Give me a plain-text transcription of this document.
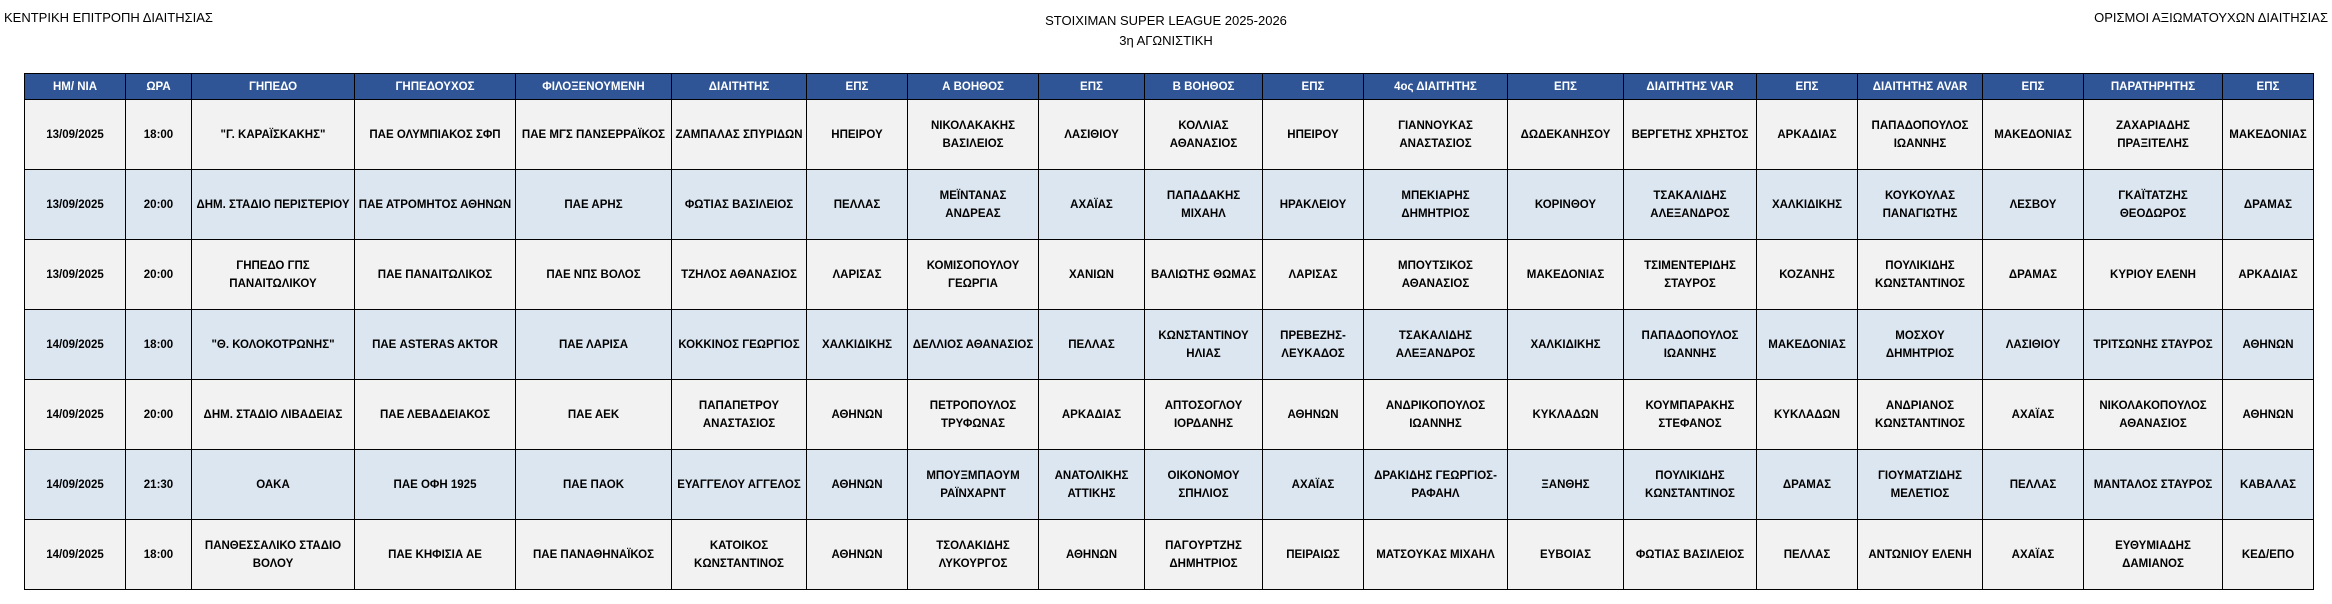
ΚΕΝΤΡΙΚΗ ΕΠΙΤΡΟΠΗ ΔΙΑΙΤΗΣΙΑΣ	STOIXIMAN SUPER LEAGUE 2025-2026
3η ΑΓΩΝΙΣΤΙΚΗ
ΟΡΙΣΜΟΙ ΑΞΙΩΜΑΤΟΥΧΩΝ ΔΙΑΙΤΗΣΙΑΣ
ΗΜ/ ΝΙΑ	ΩΡΑ	ΓΗΠΕΔΟ	ΓΗΠΕΔΟΥΧΟΣ	ΦΙΛΟΞΕΝΟΥΜΕΝΗ	ΔΙΑΙΤΗΤΗΣ	ΕΠΣ	Α ΒΟΗΘΟΣ	ΕΠΣ	Β ΒΟΗΘΟΣ	ΕΠΣ	4ος ΔΙΑΙΤΗΤΗΣ	ΕΠΣ	ΔΙΑΙΤΗΤΗΣ VAR	ΕΠΣ	ΔΙΑΙΤΗΤΗΣ AVAR	ΕΠΣ	ΠΑΡΑΤΗΡΗΤΗΣ	ΕΠΣ
13/09/2025	18:00	"Γ. ΚΑΡΑΪΣΚΑΚΗΣ"	ΠΑΕ ΟΛΥΜΠΙΑΚΟΣ ΣΦΠ	ΠΑΕ ΜΓΣ ΠΑΝΣΕΡΡΑΪΚΟΣ	ΖΑΜΠΑΛΑΣ ΣΠΥΡΙΔΩΝ	ΗΠΕΙΡΟΥ	ΝΙΚΟΛΑΚΑΚΗΣ ΒΑΣΙΛΕΙΟΣ	ΛΑΣΙΘΙΟΥ	ΚΟΛΛΙΑΣ ΑΘΑΝΑΣΙΟΣ	ΗΠΕΙΡΟΥ	ΓΙΑΝΝΟΥΚΑΣ ΑΝΑΣΤΑΣΙΟΣ	ΔΩΔΕΚΑΝΗΣΟΥ	ΒΕΡΓΕΤΗΣ ΧΡΗΣΤΟΣ	ΑΡΚΑΔΙΑΣ	ΠΑΠΑΔΟΠΟΥΛΟΣ ΙΩΑΝΝΗΣ	ΜΑΚΕΔΟΝΙΑΣ	ΖΑΧΑΡΙΑΔΗΣ ΠΡΑΞΙΤΕΛΗΣ	ΜΑΚΕΔΟΝΙΑΣ
13/09/2025	20:00	ΔΗΜ. ΣΤΑΔΙΟ ΠΕΡΙΣΤΕΡΙΟΥ	ΠΑΕ ΑΤΡΟΜΗΤΟΣ ΑΘΗΝΩΝ	ΠΑΕ ΑΡΗΣ	ΦΩΤΙΑΣ ΒΑΣΙΛΕΙΟΣ	ΠΕΛΛΑΣ	ΜΕΪΝΤΑΝΑΣ ΑΝΔΡΕΑΣ	ΑΧΑΪΑΣ	ΠΑΠΑΔΑΚΗΣ ΜΙΧΑΗΛ	ΗΡΑΚΛΕΙΟΥ	ΜΠΕΚΙΑΡΗΣ ΔΗΜΗΤΡΙΟΣ	ΚΟΡΙΝΘΟΥ	ΤΣΑΚΑΛΙΔΗΣ ΑΛΕΞΑΝΔΡΟΣ	ΧΑΛΚΙΔΙΚΗΣ	ΚΟΥΚΟΥΛΑΣ ΠΑΝΑΓΙΩΤΗΣ	ΛΕΣΒΟΥ	ΓΚΑΪΤΑΤΖΗΣ ΘΕΟΔΩΡΟΣ	ΔΡΑΜΑΣ
13/09/2025	20:00	ΓΗΠΕΔΟ ΓΠΣ ΠΑΝΑΙΤΩΛΙΚΟΥ	ΠΑΕ ΠΑΝΑΙΤΩΛΙΚΟΣ	ΠΑΕ ΝΠΣ ΒΟΛΟΣ	ΤΖΗΛΟΣ ΑΘΑΝΑΣΙΟΣ	ΛΑΡΙΣΑΣ	ΚΟΜΙΣΟΠΟΥΛΟΥ ΓΕΩΡΓΙΑ	ΧΑΝΙΩΝ	ΒΑΛΙΩΤΗΣ ΘΩΜΑΣ	ΛΑΡΙΣΑΣ	ΜΠΟΥΤΣΙΚΟΣ ΑΘΑΝΑΣΙΟΣ	ΜΑΚΕΔΟΝΙΑΣ	ΤΣΙΜΕΝΤΕΡΙΔΗΣ ΣΤΑΥΡΟΣ	ΚΟΖΑΝΗΣ	ΠΟΥΛΙΚΙΔΗΣ ΚΩΝΣΤΑΝΤΙΝΟΣ	ΔΡΑΜΑΣ	ΚΥΡΙΟΥ ΕΛΕΝΗ	ΑΡΚΑΔΙΑΣ
14/09/2025	18:00	"Θ. ΚΟΛΟΚΟΤΡΩΝΗΣ"	ΠΑΕ ASTERAS AKTOR	ΠΑΕ ΛΑΡΙΣΑ	ΚΟΚΚΙΝΟΣ ΓΕΩΡΓΙΟΣ	ΧΑΛΚΙΔΙΚΗΣ	ΔΕΛΛΙΟΣ ΑΘΑΝΑΣΙΟΣ	ΠΕΛΛΑΣ	ΚΩΝΣΤΑΝΤΙΝΟΥ ΗΛΙΑΣ	ΠΡΕΒΕΖΗΣ-ΛΕΥΚΑΔΟΣ	ΤΣΑΚΑΛΙΔΗΣ ΑΛΕΞΑΝΔΡΟΣ	ΧΑΛΚΙΔΙΚΗΣ	ΠΑΠΑΔΟΠΟΥΛΟΣ ΙΩΑΝΝΗΣ	ΜΑΚΕΔΟΝΙΑΣ	ΜΟΣΧΟΥ ΔΗΜΗΤΡΙΟΣ	ΛΑΣΙΘΙΟΥ	ΤΡΙΤΣΩΝΗΣ ΣΤΑΥΡΟΣ	ΑΘΗΝΩΝ
14/09/2025	20:00	ΔΗΜ. ΣΤΑΔΙΟ ΛΙΒΑΔΕΙΑΣ	ΠΑΕ ΛΕΒΑΔΕΙΑΚΟΣ	ΠΑΕ ΑΕΚ	ΠΑΠΑΠΕΤΡΟΥ ΑΝΑΣΤΑΣΙΟΣ	ΑΘΗΝΩΝ	ΠΕΤΡΟΠΟΥΛΟΣ ΤΡΥΦΩΝΑΣ	ΑΡΚΑΔΙΑΣ	ΑΠΤΟΣΟΓΛΟΥ ΙΟΡΔΑΝΗΣ	ΑΘΗΝΩΝ	ΑΝΔΡΙΚΟΠΟΥΛΟΣ ΙΩΑΝΝΗΣ	ΚΥΚΛΑΔΩΝ	ΚΟΥΜΠΑΡΑΚΗΣ ΣΤΕΦΑΝΟΣ	ΚΥΚΛΑΔΩΝ	ΑΝΔΡΙΑΝΟΣ ΚΩΝΣΤΑΝΤΙΝΟΣ	ΑΧΑΪΑΣ	ΝΙΚΟΛΑΚΟΠΟΥΛΟΣ ΑΘΑΝΑΣΙΟΣ	ΑΘΗΝΩΝ
14/09/2025	21:30	ΟΑΚΑ	ΠΑΕ ΟΦΗ 1925	ΠΑΕ ΠΑΟΚ	ΕΥΑΓΓΕΛΟΥ ΑΓΓΕΛΟΣ	ΑΘΗΝΩΝ	ΜΠΟΥΞΜΠΑΟΥΜ ΡΑΪΝΧΑΡΝΤ	ΑΝΑΤΟΛΙΚΗΣ ΑΤΤΙΚΗΣ	ΟΙΚΟΝΟΜΟΥ ΣΠΗΛΙΟΣ	ΑΧΑΪΑΣ	ΔΡΑΚΙΔΗΣ ΓΕΩΡΓΙΟΣ-ΡΑΦΑΗΛ	ΞΑΝΘΗΣ	ΠΟΥΛΙΚΙΔΗΣ ΚΩΝΣΤΑΝΤΙΝΟΣ	ΔΡΑΜΑΣ	ΓΙΟΥΜΑΤΖΙΔΗΣ ΜΕΛΕΤΙΟΣ	ΠΕΛΛΑΣ	ΜΑΝΤΑΛΟΣ ΣΤΑΥΡΟΣ	ΚΑΒΑΛΑΣ
14/09/2025	18:00	ΠΑΝΘΕΣΣΑΛΙΚΟ ΣΤΑΔΙΟ ΒΟΛΟΥ	ΠΑΕ ΚΗΦΙΣΙΑ ΑΕ	ΠΑΕ ΠΑΝΑΘΗΝΑΪΚΟΣ	ΚΑΤΟΙΚΟΣ ΚΩΝΣΤΑΝΤΙΝΟΣ	ΑΘΗΝΩΝ	ΤΣΟΛΑΚΙΔΗΣ ΛΥΚΟΥΡΓΟΣ	ΑΘΗΝΩΝ	ΠΑΓΟΥΡΤΖΗΣ ΔΗΜΗΤΡΙΟΣ	ΠΕΙΡΑΙΩΣ	ΜΑΤΣΟΥΚΑΣ ΜΙΧΑΗΛ	ΕΥΒΟΙΑΣ	ΦΩΤΙΑΣ ΒΑΣΙΛΕΙΟΣ	ΠΕΛΛΑΣ	ΑΝΤΩΝΙΟΥ ΕΛΕΝΗ	ΑΧΑΪΑΣ	ΕΥΘΥΜΙΑΔΗΣ ΔΑΜΙΑΝΟΣ	ΚΕΔ/ΕΠΟ
